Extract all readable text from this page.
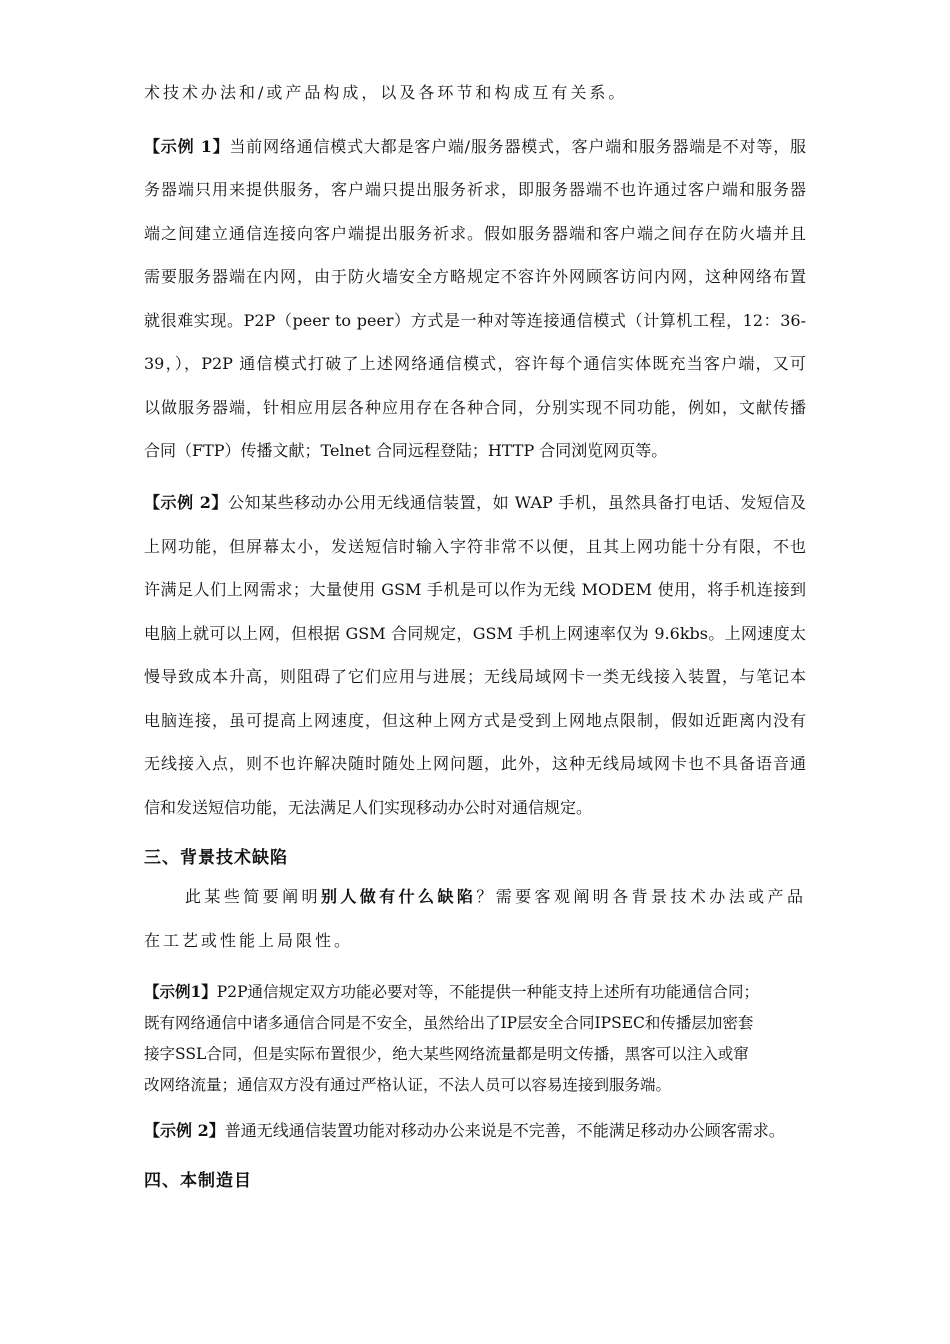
术技术办法和/或产品构成，以及各环节和构成互有关系。
【示例 1】当前网络通信模式大都是客户端/服务器模式，客户端和服务器端是不对等，服
务器端只用来提供服务，客户端只提出服务祈求，即服务器端不也许通过客户端和服务器
端之间建立通信连接向客户端提出服务祈求。假如服务器端和客户端之间存在防火墙并且
需要服务器端在内网，由于防火墙安全方略规定不容许外网顾客访问内网，这种网络布置
就很难实现。P2P（peer to peer）方式是一种对等连接通信模式（计算机工程，12：36-
39，），P2P 通信模式打破了上述网络通信模式，容许每个通信实体既充当客户端，又可
以做服务器端，针相应用层各种应用存在各种合同，分别实现不同功能，例如，文献传播
合同（FTP）传播文献；Telnet 合同远程登陆；HTTP 合同浏览网页等。
【示例 2】公知某些移动办公用无线通信装置，如 WAP 手机，虽然具备打电话、发短信及
上网功能，但屏幕太小，发送短信时输入字符非常不以便，且其上网功能十分有限，不也
许满足人们上网需求；大量使用 GSM 手机是可以作为无线 MODEM 使用，将手机连接到
电脑上就可以上网，但根据 GSM 合同规定，GSM 手机上网速率仅为 9.6kbs。上网速度太
慢导致成本升高，则阻碍了它们应用与进展；无线局域网卡一类无线接入装置，与笔记本
电脑连接，虽可提高上网速度，但这种上网方式是受到上网地点限制，假如近距离内没有
无线接入点，则不也许解决随时随处上网问题，此外，这种无线局域网卡也不具备语音通
信和发送短信功能，无法满足人们实现移动办公时对通信规定。
三、背景技术缺陷
此某些简要阐明别人做有什么缺陷？需要客观阐明各背景技术办法或产品
在工艺或性能上局限性。
【示例1】P2P通信规定双方功能必要对等，不能提供一种能支持上述所有功能通信合同；
既有网络通信中诸多通信合同是不安全，虽然给出了IP层安全合同IPSEC和传播层加密套
接字SSL合同，但是实际布置很少，绝大某些网络流量都是明文传播，黑客可以注入或窜
改网络流量；通信双方没有通过严格认证，不法人员可以容易连接到服务端。
【示例 2】普通无线通信装置功能对移动办公来说是不完善，不能满足移动办公顾客需求。
四、本制造目
